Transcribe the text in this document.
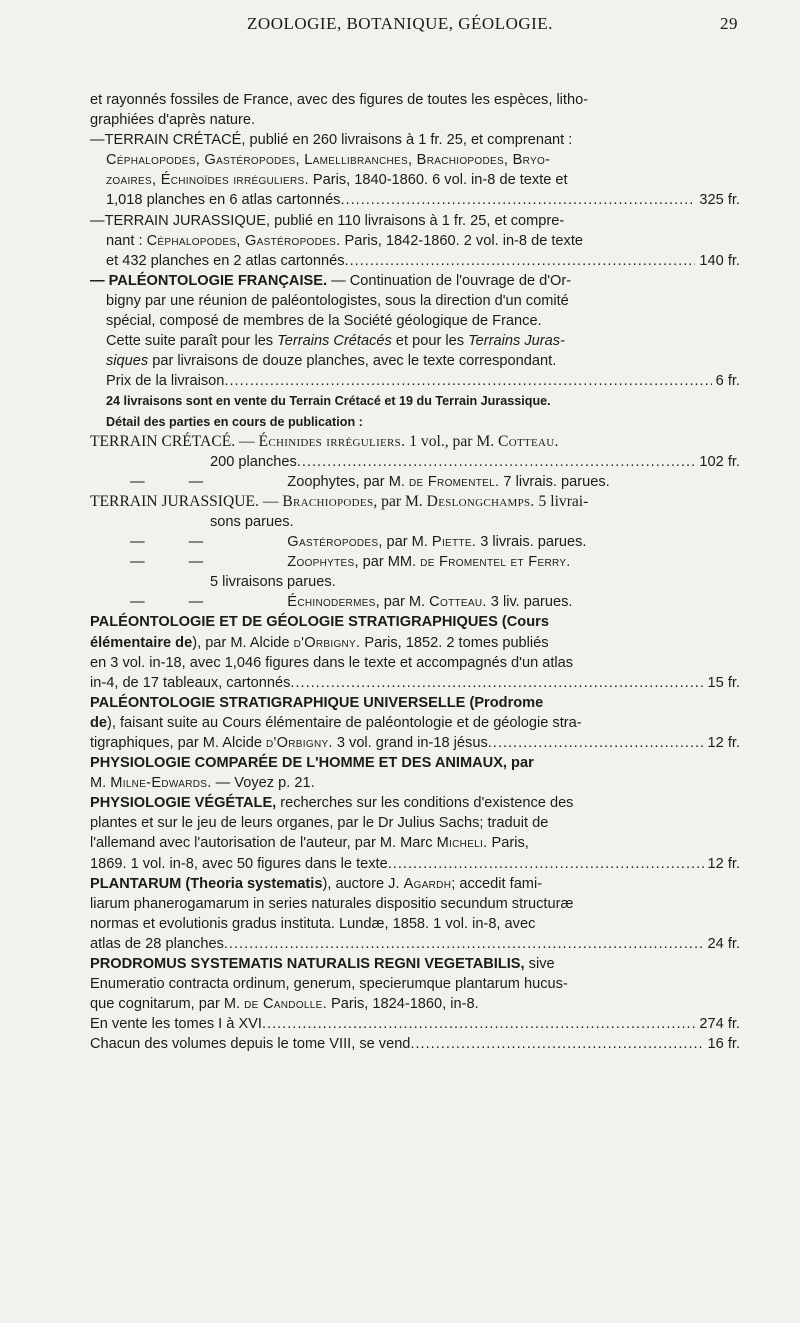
ZOOLOGIE, BOTANIQUE, GÉOLOGIE.	29
et rayonnés fossiles de France, avec des figures de toutes les espèces, litho-
graphiées d'après nature.
—TERRAIN CRÉTACÉ, publié en 260 livraisons à 1 fr. 25, et comprenant :
Céphalopodes, Gastéropodes, Lamellibranches, Brachiopodes, Bryo-
zoaires, Échinoïdes irréguliers. Paris, 1840-1860. 6 vol. in-8 de texte et
1,018 planches en 6 atlas cartonnés .....	325 fr.
—TERRAIN JURASSIQUE, publié en 110 livraisons à 1 fr. 25, et compre-
nant : Céphalopodes, Gastéropodes. Paris, 1842-1860. 2 vol. in-8 de texte
et 432 planches en 2 atlas cartonnés .....	140 fr.
— PALÉONTOLOGIE FRANÇAISE. — Continuation de l'ouvrage de d'Or-
bigny par une réunion de paléontologistes, sous la direction d'un comité
spécial, composé de membres de la Société géologique de France.
Cette suite paraît pour les Terrains Crétacés et pour les Terrains Juras-
siques par livraisons de douze planches, avec le texte correspondant.
Prix de la livraison .....	6 fr.
24 livraisons sont en vente du Terrain Crétacé et 19 du Terrain Jurassique.
Détail des parties en cours de publication :
TERRAIN CRÉTACÉ. — Échinides irréguliers. 1 vol., par M. Cotteau.
200 planches .....	102 fr.
— —	Zoophytes, par M. de Fromentel. 7 livrais. parues.
TERRAIN JURASSIQUE. — Brachiopodes, par M. Deslongchamps. 5 livrai-
sons parues.
— —	Gastéropodes, par M. Piette. 3 livrais. parues.
— —	Zoophytes, par MM. de Fromentel et Ferry.
5 livraisons parues.
— —	Échinodermes, par M. Cotteau. 3 liv. parues.
PALÉONTOLOGIE ET DE GÉOLOGIE STRATIGRAPHIQUES (Cours
élémentaire de), par M. Alcide d'Orbigny. Paris, 1852. 2 tomes publiés
en 3 vol. in-18, avec 1,046 figures dans le texte et accompagnés d'un atlas
in-4, de 17 tableaux, cartonnés .....	15 fr.
PALÉONTOLOGIE STRATIGRAPHIQUE UNIVERSELLE (Prodrome
de), faisant suite au Cours élémentaire de paléontologie et de géologie stra-
tigraphiques, par M. Alcide d'Orbigny. 3 vol. grand in-18 jésus .....	12 fr.
PHYSIOLOGIE COMPARÉE DE L'HOMME ET DES ANIMAUX, par
M. Milne-Edwards. — Voyez p. 21.
PHYSIOLOGIE VÉGÉTALE, recherches sur les conditions d'existence des
plantes et sur le jeu de leurs organes, par le Dr Julius Sachs; traduit de
l'allemand avec l'autorisation de l'auteur, par M. Marc Micheli. Paris,
1869. 1 vol. in-8, avec 50 figures dans le texte .....	12 fr.
PLANTARUM (Theoria systematis), auctore J. Agardh; accedit fami-
liarum phanerogamarum in series naturales dispositio secundum structuræ
normas et evolutionis gradus instituta. Lundæ, 1858. 1 vol. in-8, avec
atlas de 28 planches .....	24 fr.
PRODROMUS SYSTEMATIS NATURALIS REGNI VEGETABILIS, sive
Enumeratio contracta ordinum, generum, specierumque plantarum hucus-
que cognitarum, par M. de Candolle. Paris, 1824-1860, in-8.
En vente les tomes I à XVI .....	274 fr.
Chacun des volumes depuis le tome VIII, se vend .....	16 fr.
